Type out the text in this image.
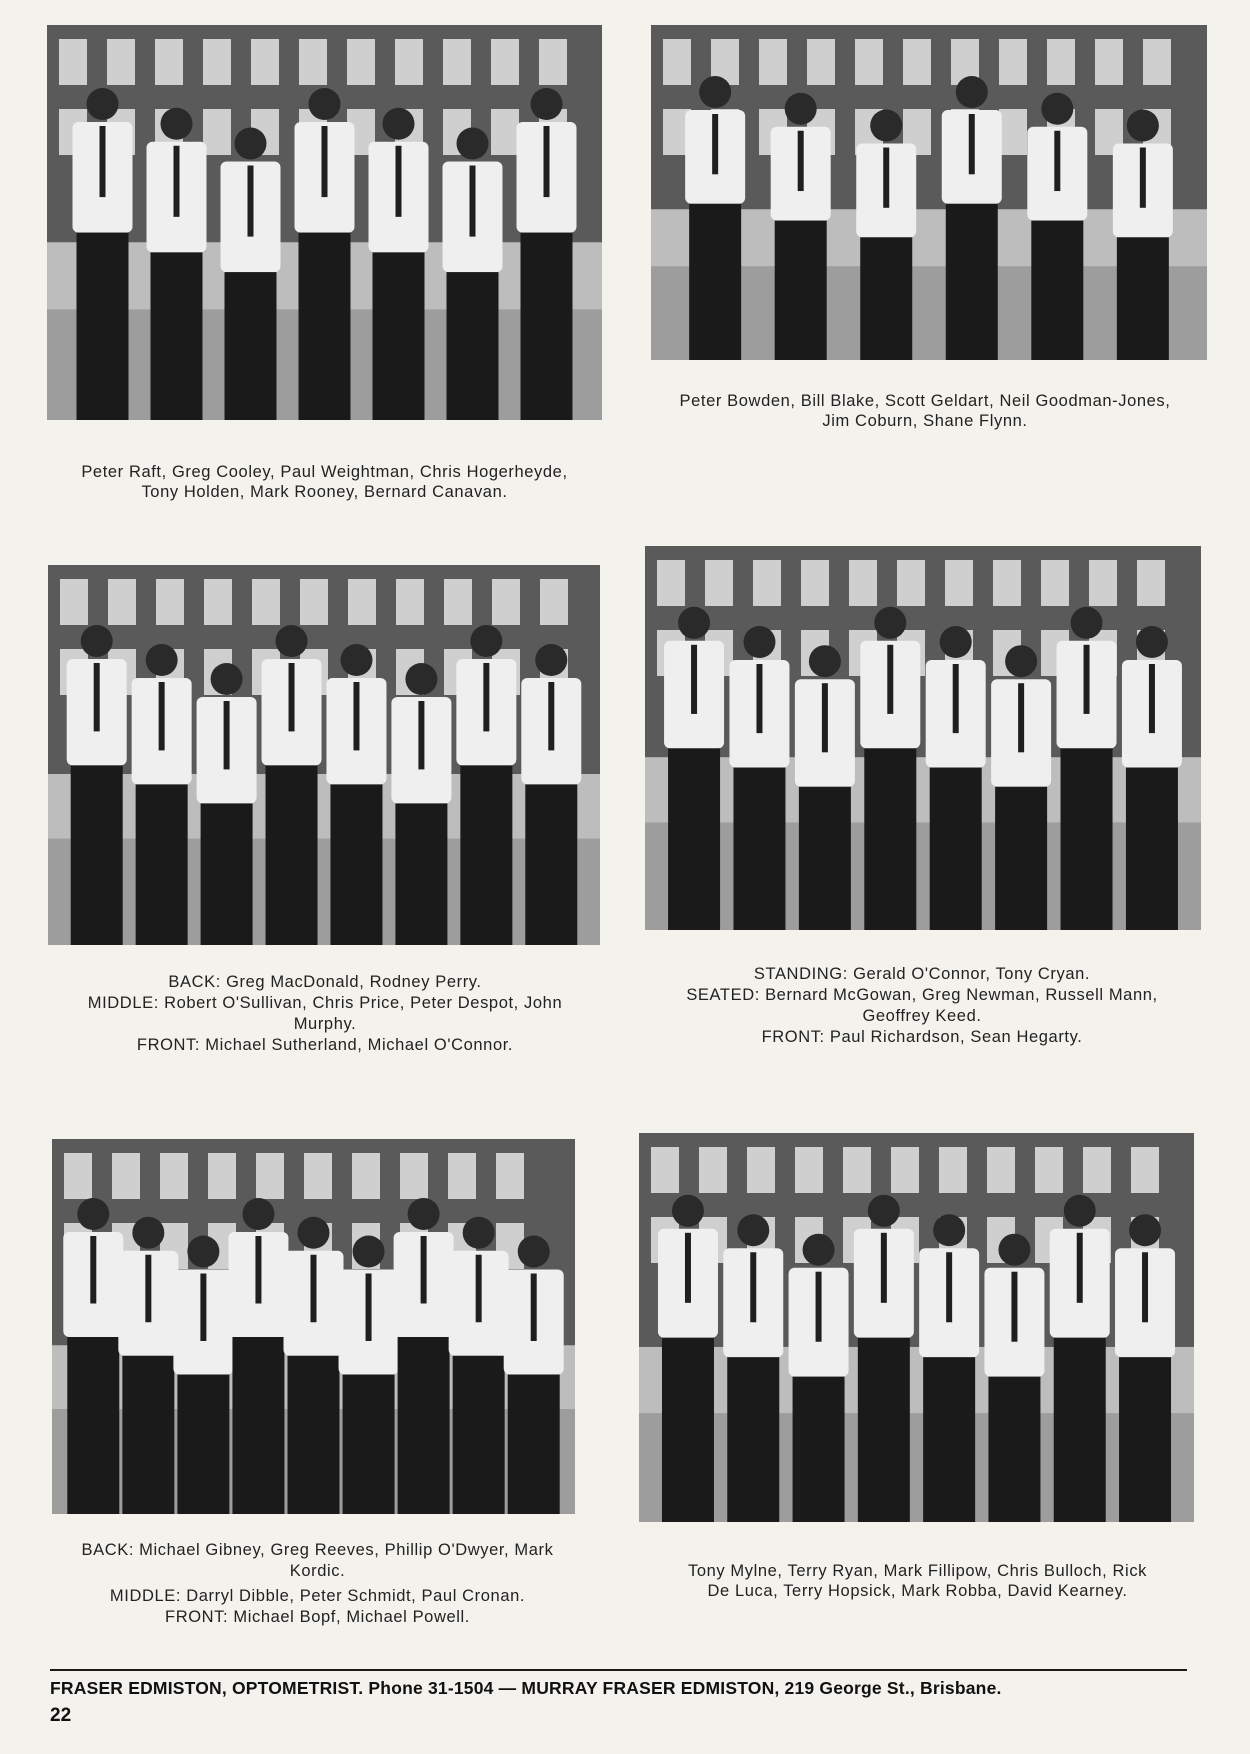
Peter Raft, Greg Cooley, Paul Weightman, Chris Hogerheyde,
Tony Holden, Mark Rooney, Bernard Canavan.
Peter Bowden, Bill Blake, Scott Geldart, Neil Goodman-Jones,
Jim Coburn, Shane Flynn.
BACK: Greg MacDonald, Rodney Perry.
MIDDLE: Robert O'Sullivan, Chris Price, Peter Despot, John
Murphy.
FRONT: Michael Sutherland, Michael O'Connor.
STANDING: Gerald O'Connor, Tony Cryan.
SEATED: Bernard McGowan, Greg Newman, Russell Mann,
Geoffrey Keed.
FRONT: Paul Richardson, Sean Hegarty.
BACK: Michael Gibney, Greg Reeves, Phillip O'Dwyer, Mark
Kordic.
MIDDLE: Darryl Dibble, Peter Schmidt, Paul Cronan.
FRONT: Michael Bopf, Michael Powell.
Tony Mylne, Terry Ryan, Mark Fillipow, Chris Bulloch, Rick
De Luca, Terry Hopsick, Mark Robba, David Kearney.
FRASER EDMISTON, OPTOMETRIST. Phone 31-1504 — MURRAY FRASER EDMISTON, 219 George St., Brisbane.
22
